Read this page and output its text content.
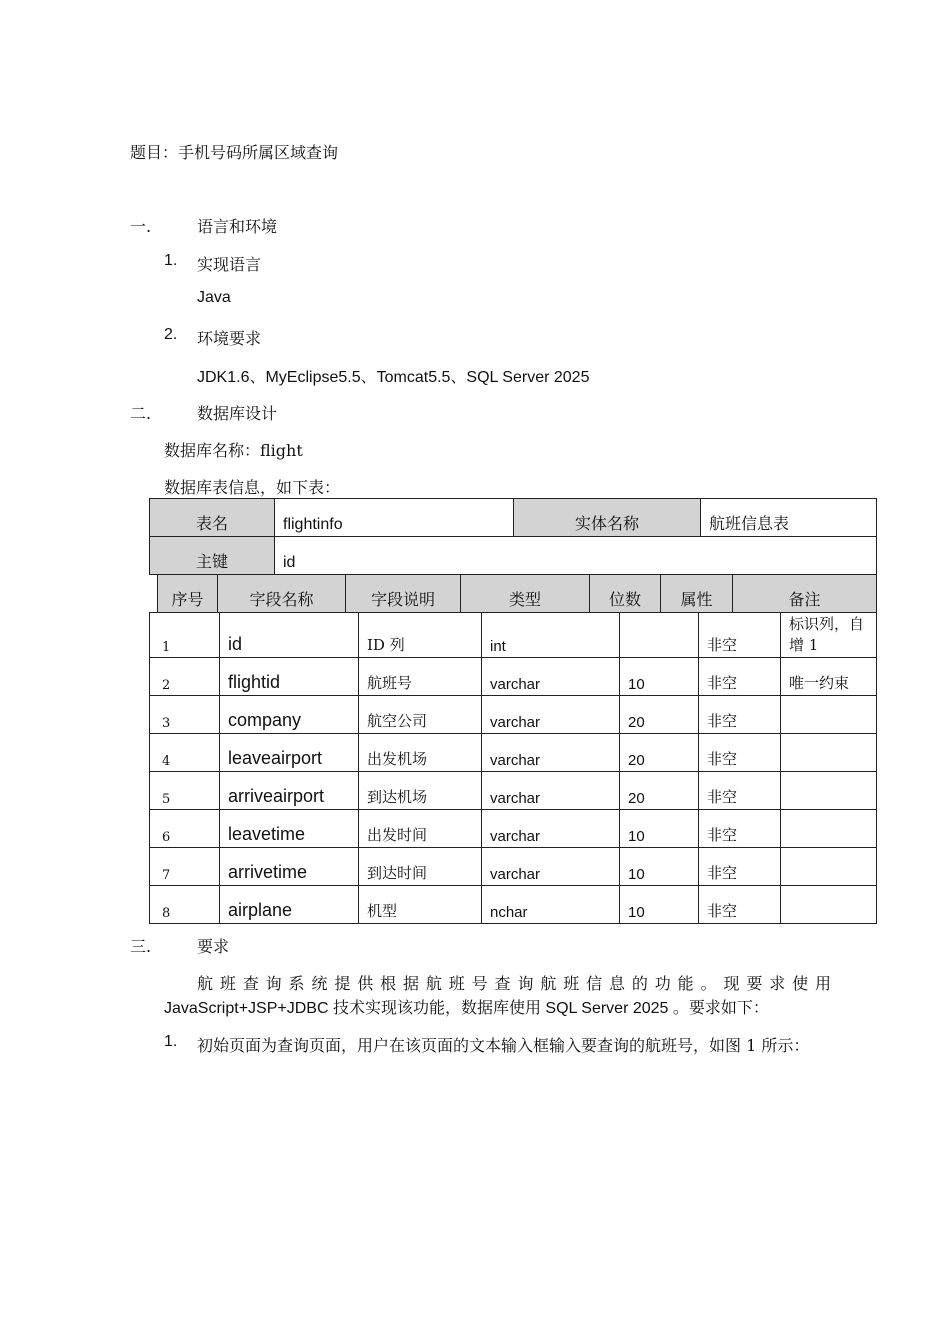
题目：手机号码所属区域查询
一.	语言和环境
1. 实现语言
Java
2. 环境要求
JDK1.6、MyEclipse5.5、Tomcat5.5、SQL Server 2025
二.	数据库设计
数据库名称：flight
数据库表信息，如下表：
表名	flightinfo	实体名称	航班信息表

主键	id		
序号	字段名称	字段说明	类型	位数	属性	备注
1	id	ID 列	int		非空	标识列，自增 1

2	flightid	航班号	varchar	10	非空	唯一约束

3	company	航空公司	varchar	20	非空	

4	leaveairport	出发机场	varchar	20	非空	

5	arriveairport	到达机场	varchar	20	非空	

6	leavetime	出发时间	varchar	10	非空	

7	arrivetime	到达时间	varchar	10	非空	

8	airplane	机型	nchar	10	非空	

三.	要求
航 班 查 询 系 统 提 供 根 据 航 班 号 查 询 航 班 信 息 的 功 能 。 现 要 求 使 用
JavaScript+JSP+JDBC 技术实现该功能，数据库使用 SQL Server 2025 。要求如下：
1. 初始页面为查询页面，用户在该页面的文本输入框输入要查询的航班号，如图 1 所示：
